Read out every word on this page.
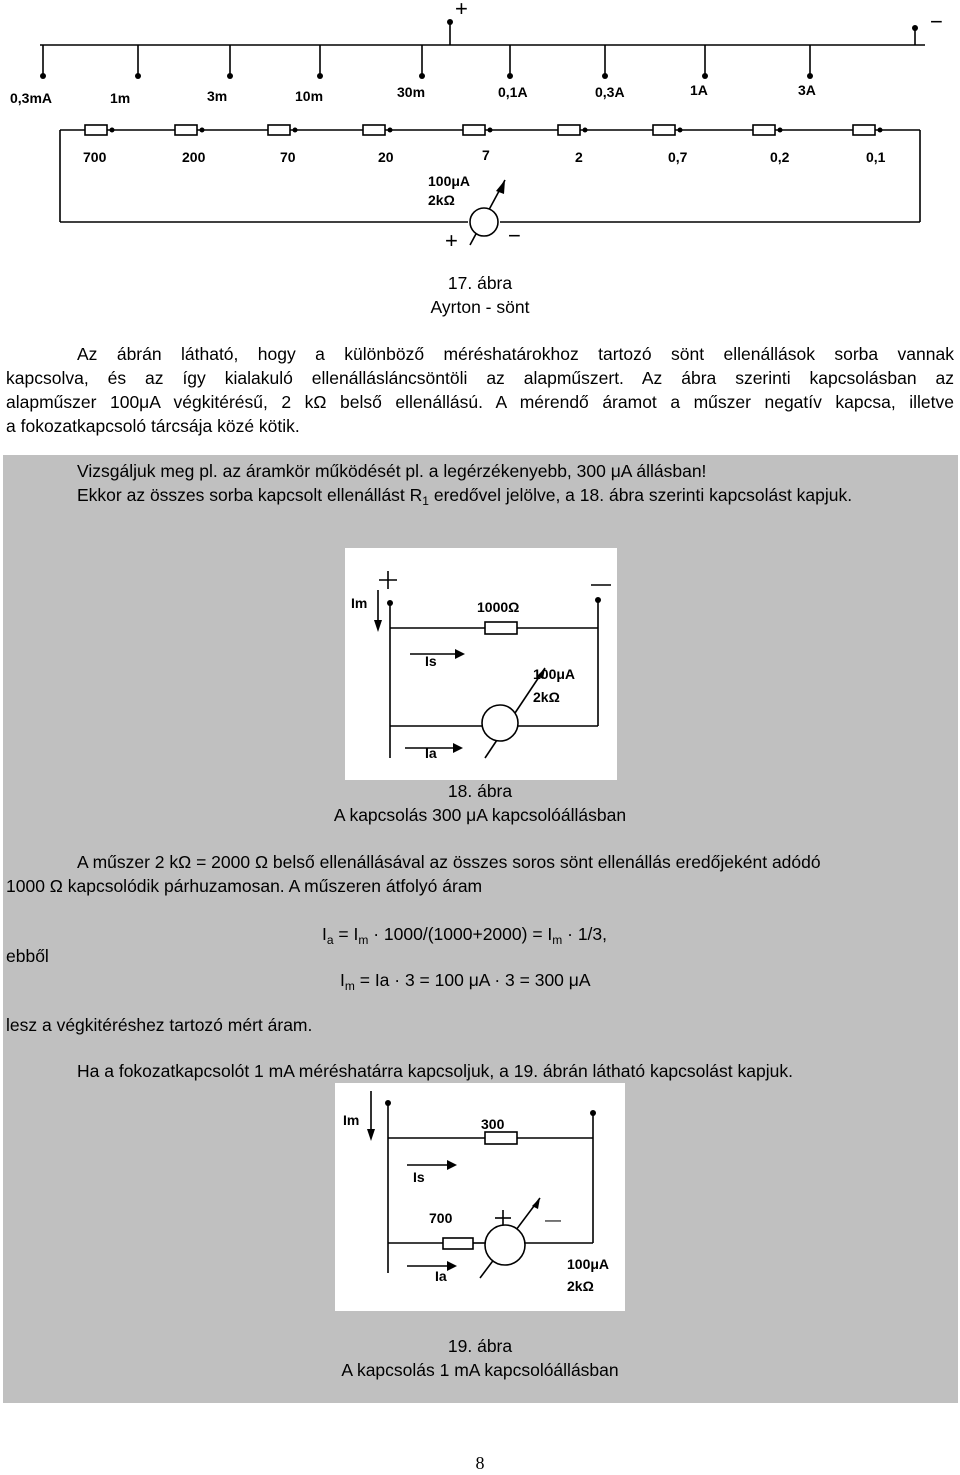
+
−
0,3mA	1m	3m	10m	30m	0,1A	0,3A	1A	3A
700	200	70	20	7	2	0,7	0,2	0,1
100μA
2kΩ
+ −
17. ábra
Ayrton - sönt
Az ábrán látható, hogy a különböző méréshatárokhoz tartozó sönt ellenállások sorba vannak
kapcsolva, és az így kialakuló ellenállásláncsöntöli az alapműszert. Az ábra szerinti kapcsolásban az
alapműszer 100μA végkitérésű, 2 kΩ belső ellenállású. A mérendő áramot a műszer negatív kapcsa, illetve
a fokozatkapcsoló tárcsája közé kötik.
Vizsgáljuk meg pl. az áramkör működését pl. a legérzékenyebb, 300 μA állásban!
Ekkor az összes sorba kapcsolt ellenállást $R_1$ eredővel jelölve, a 18. ábra szerinti kapcsolást kapjuk.
Im	1000Ω
Is
100μA
2kΩ
Ia
18. ábra
A kapcsolás 300 μA kapcsolóállásban
A műszer 2 kΩ = 2000 Ω belső ellenállásával az összes soros sönt ellenállás eredőjeként adódó
1000 Ω kapcsolódik párhuzamosan. A műszeren átfolyó áram
$I_a = I_m \cdot 1000/(1000+2000) = I_m \cdot 1/3$,
ebből
$I_m = Ia \cdot 3 = 100$ μA · 3 = 300 μA
lesz a végkitéréshez tartozó mért áram.
Ha a fokozatkapcsolót 1 mA méréshatárra kapcsoljuk, a 19. ábrán látható kapcsolást kapjuk.
Im	300
Is
700
Ia
100μA
2kΩ
—
19. ábra
A kapcsolás 1 mA kapcsolóállásban
8
